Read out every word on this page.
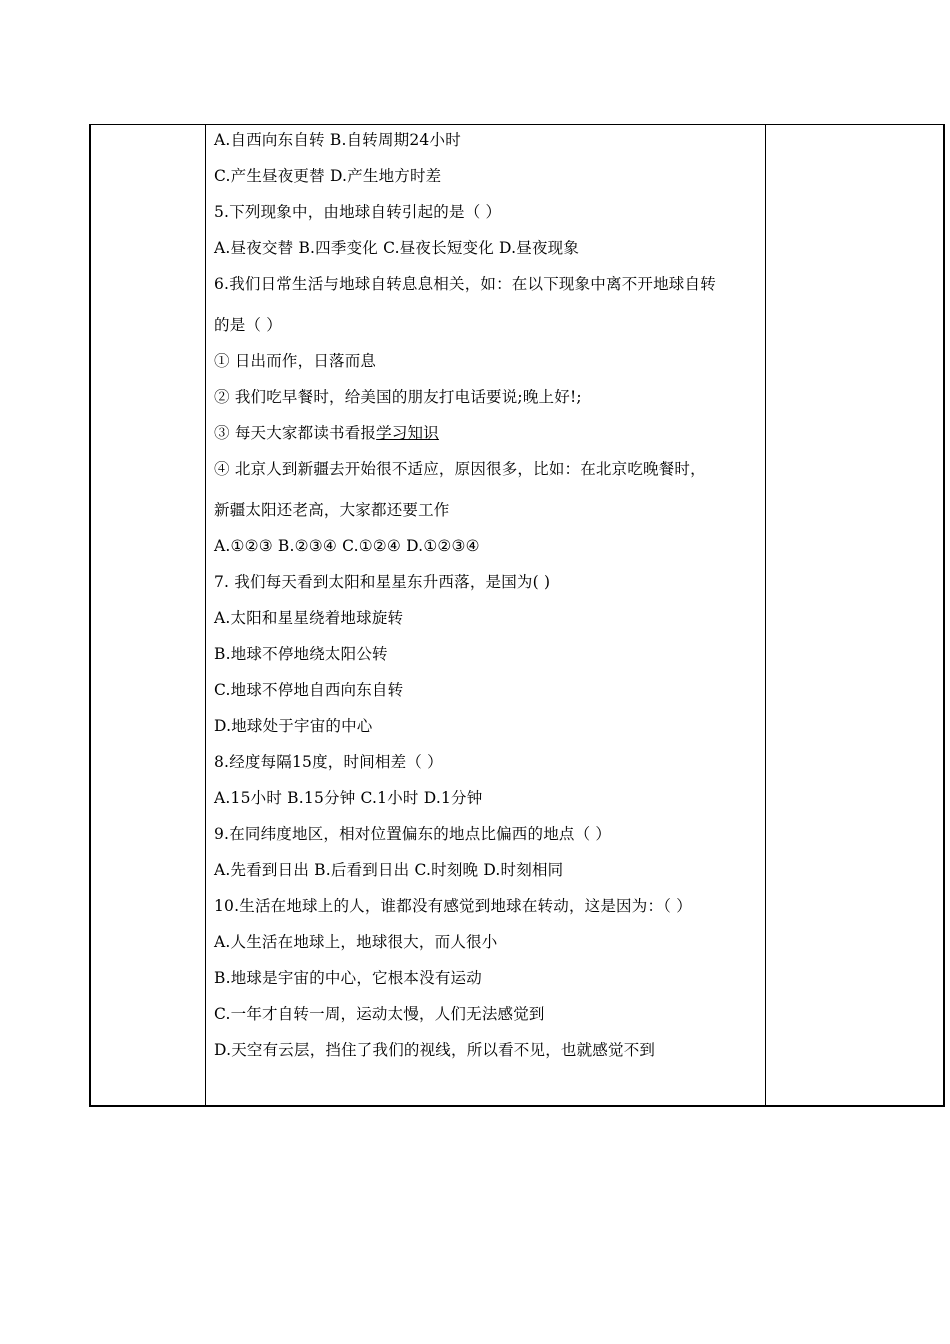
A.自西向东自转 B.自转周期24小时
C.产生昼夜更替 D.产生地方时差
5.下列现象中，由地球自转引起的是（ ）
A.昼夜交替 B.四季变化 C.昼夜长短变化 D.昼夜现象
6.我们日常生活与地球自转息息相关，如：在以下现象中离不开地球自转
的是（ ）
① 日出而作，日落而息
② 我们吃早餐时，给美国的朋友打电话要说;晚上好!;
③ 每天大家都读书看报学习知识
④ 北京人到新疆去开始很不适应，原因很多，比如：在北京吃晚餐时，
新疆太阳还老高，大家都还要工作
A.①②③ B.②③④ C.①②④ D.①②③④
7. 我们每天看到太阳和星星东升西落，是国为( )
A.太阳和星星绕着地球旋转
B.地球不停地绕太阳公转
C.地球不停地自西向东自转
D.地球处于宇宙的中心
8.经度每隔15度，时间相差（ ）
A.15小时 B.15分钟 C.1小时 D.1分钟
9.在同纬度地区，相对位置偏东的地点比偏西的地点（ ）
A.先看到日出 B.后看到日出 C.时刻晚 D.时刻相同
10.生活在地球上的人，谁都没有感觉到地球在转动，这是因为：（ ）
A.人生活在地球上，地球很大，而人很小
B.地球是宇宙的中心，它根本没有运动
C.一年才自转一周，运动太慢，人们无法感觉到
D.天空有云层，挡住了我们的视线，所以看不见，也就感觉不到
